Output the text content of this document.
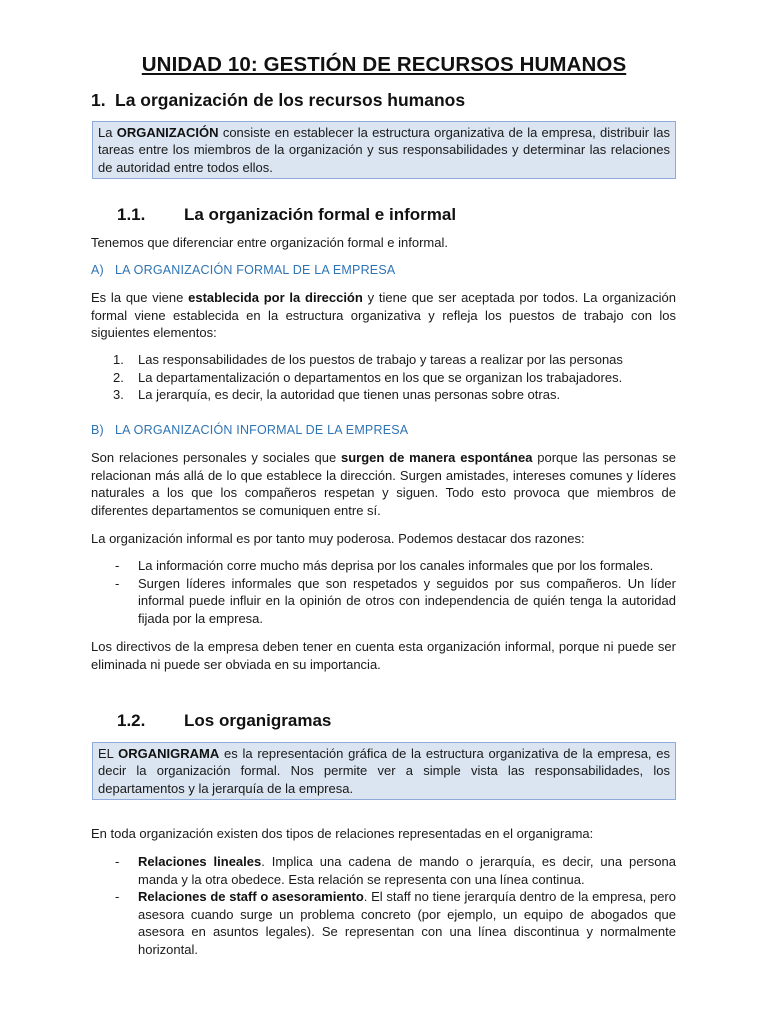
UNIDAD 10: GESTIÓN DE RECURSOS HUMANOS
1. La organización de los recursos humanos
La ORGANIZACIÓN consiste en establecer la estructura organizativa de la empresa, distribuir las tareas entre los miembros de la organización y sus responsabilidades y determinar las relaciones de autoridad entre todos ellos.
1.1. La organización formal e informal
Tenemos que diferenciar entre organización formal e informal.
A) LA ORGANIZACIÓN FORMAL DE LA EMPRESA
Es la que viene establecida por la dirección y tiene que ser aceptada por todos. La organización formal viene establecida en la estructura organizativa y refleja los puestos de trabajo con los siguientes elementos:
1. Las responsabilidades de los puestos de trabajo y tareas a realizar por las personas
2. La departamentalización o departamentos en los que se organizan los trabajadores.
3. La jerarquía, es decir, la autoridad que tienen unas personas sobre otras.
B) LA ORGANIZACIÓN INFORMAL DE LA EMPRESA
Son relaciones personales y sociales que surgen de manera espontánea porque las personas se relacionan más allá de lo que establece la dirección. Surgen amistades, intereses comunes y líderes naturales a los que los compañeros respetan y siguen. Todo esto provoca que miembros de diferentes departamentos se comuniquen entre sí.
La organización informal es por tanto muy poderosa. Podemos destacar dos razones:
- La información corre mucho más deprisa por los canales informales que por los formales.
- Surgen líderes informales que son respetados y seguidos por sus compañeros. Un líder informal puede influir en la opinión de otros con independencia de quién tenga la autoridad fijada por la empresa.
Los directivos de la empresa deben tener en cuenta esta organización informal, porque ni puede ser eliminada ni puede ser obviada en su importancia.
1.2. Los organigramas
EL ORGANIGRAMA es la representación gráfica de la estructura organizativa de la empresa, es decir la organización formal. Nos permite ver a simple vista las responsabilidades, los departamentos y la jerarquía de la empresa.
En toda organización existen dos tipos de relaciones representadas en el organigrama:
- Relaciones lineales. Implica una cadena de mando o jerarquía, es decir, una persona manda y la otra obedece. Esta relación se representa con una línea continua.
- Relaciones de staff o asesoramiento. El staff no tiene jerarquía dentro de la empresa, pero asesora cuando surge un problema concreto (por ejemplo, un equipo de abogados que asesora en asuntos legales). Se representan con una línea discontinua y normalmente horizontal.
